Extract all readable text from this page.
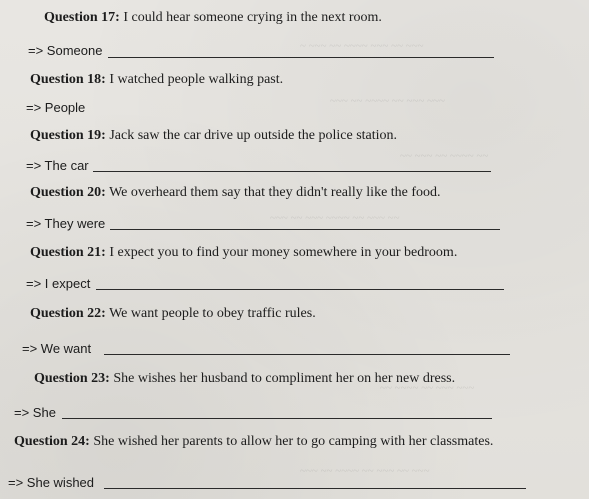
~ ~~~ ~~ ~~~~ ~~~ ~~ ~~~
~~~ ~~ ~~~~ ~~ ~~~ ~~~
~~ ~~~ ~~ ~~~~ ~~
~~~ ~~ ~~~ ~~~~ ~~ ~~~ ~~
~~ ~~~~ ~~ ~~~ ~~~
~~~ ~~ ~~~~ ~~ ~~~ ~~ ~~~
Question 17: I could hear someone crying in the next room.
=> Someone
Question 18: I watched people walking past.
=> People
Question 19: Jack saw the car drive up outside the police station.
=> The car
Question 20: We overheard them say that they didn't really like the food.
=> They were
Question 21: I expect you to find your money somewhere in your bedroom.
=> I expect
Question 22: We want people to obey traffic rules.
=> We want
Question 23: She wishes her husband to compliment her on her new dress.
=> She
Question 24: She wished her parents to allow her to go camping with her classmates.
=> She wished
